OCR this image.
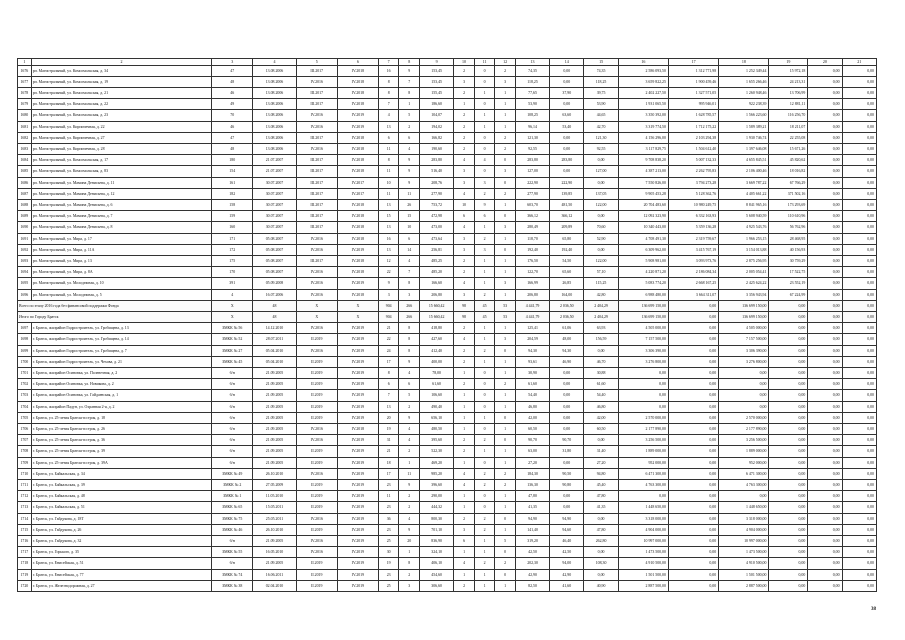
1	2	3	4	5	6	7	8	9	10	11	12	13	14	15	16	17	18	19	20	21
1676	рп. Магистральный, ул. Комсомольская, д. 34	47	13.08.2006	III.2017	IV.2018	16	9	153,45	2	0	2	74,35	0,00	74,35	2 586 093,50	1 312 771,98	1 252 349,44	15 972,18	0,00	0,00
1677	рп. Магистральный, ул. Комсомольская, д. 19	48	13.08.2006	IV.2016	IV.2018	8	7	153,45	3	0	3	118,25	0,00	118,25	3 659 822,25	1 900 459,46	1 655 266,46	24 213,31	0,00	0,00
1678	рп. Магистральный, ул. Комсомольская, д. 21	46	13.08.2006	III.2017	IV.2018	8	8	155,45	2	1	1	77,65	37,90	39,75	2 402 227,50	1 327 571,05	1 260 948,46	13 706,99	0,00	0,00
1679	рп. Магистральный, ул. Комсомольская, д. 22	49	13.08.2006	III.2017	IV.2018	7	1	186,60	1	0	1	53,90	0,00	53,90	1 931 065,50	995 946,01	922 238,39	12 881,11	0,00	0,00
1680	рп. Магистральный, ул. Комсомольская, д. 23	70	13.08.2006	IV.2016	IV.2019	4	5	104,07	2	1	1	108,25	63,60	44,65	3 350 392,00	1 628 785,57	1 566 223,60	116 256,70	0,00	0,00
1681	рп. Магистральный, ул. Кирпичечная, д. 22	46	13.08.2006	IV.2016	IV.2019	13	2	194,02	2	1	1	96,14	53,40	42,70	3 319 774,50	1 712 175,22	1 589 389,21	18 211,07	0,00	0,00
1682	рп. Магистральный, ул. Кирпичечная, д. 27	47	13.08.2006	III.2017	IV.2018	6	6	166,82	2	0	2	121,30	0,00	121,30	4 156 296,00	2 103 294,38	1 930 746,74	22 255,08	0,00	0,00
1683	рп. Магистральный, ул. Кирпичечная, д. 28	48	13.08.2006	IV.2016	IV.2018	11	4	190,60	2	0	2	92,55	0,00	92,55	3 117 829,75	1 504 612,40	1 397 646,08	15 671,26	0,00	0,00
1684	рп. Магистральный, ул. Комсомольская, д. 17	180	21.07.2007	III.2017	IV.2018	8	9	283,80	4	4	0	283,80	283,80	0,00	9 708 838,20	5 007 132,33	4 655 845,51	45 820,62	0,00	0,00
1685	рп. Магистральный, ул. Комсомольская, д. 83	154	21.07.2007	III.2017	IV.2018	11	9	516,40	3	0	3	127,00	0,00	127,00	4 387 213,00	2 262 795,83	2 106 400,46	18 016,82	0,00	0,00
1686	рп. Магистральный, ул. Мамина Денисьева, д. 11	161	30.07.2007	III.2017	IV.2017	10	9	208,76	3	3	0	222,90	222,90	0,00	7 550 826,00	3 794 273,28	3 669 787,22	67 766,29	0,00	0,00
1687	рп. Магистральный, ул. Мамина Денисьева, д. 12	182	30.07.2007	III.2017	IV.2017	11	11	277,90	4	2	2	277,90	139,85	137,05	9 905 453,28	5 128 362,76	4 405 661,22	371 502,16	0,00	0,00
1688	рп. Магистральный, ул. Мамина Денисьева, д. 6	158	30.07.2007	III.2017	IV.2018	13	26	753,72	10	9	1	603,70	481,50	122,00	20 704 483,60	10 980 249,75	8 841 965,16	173 293,69	0,00	0,00
1689	рп. Магистральный, ул. Мамина Денисьева, д. 7	159	30.07.2007	III.2017	IV.2018	15	15	472,98	6	6	0	366,12	366,12	0,00	12 092 323,90	6 332 163,93	5 608 940,59	110 610,96	0,00	0,00
1690	рп. Магистральный, ул. Мамина Денисьева, д. 8	160	30.07.2007	III.2017	IV.2018	13	10	473,00	4	1	3	280,49	209,89	70,60	10 340 443,00	5 359 136,28	4 925 543,76	56 762,96	0,00	0,00
1691	рп. Магистральный, ул. Мира, д. 17	171	05.08.2007	IV.2016	IV.2018	16	6	473,64	3	2	1	118,70	65,80	52,90	4 708 491,30	2 319 759,67	1 966 253,15	28 468,95	0,00	0,00
1692	рп. Магистральный, ул. Мира, д. 11А	172	05.08.2007	IV.2016	IV.2019	13	14	256,81	3	3	0	192,40	192,40	0,00	6 309 962,00	3 415 767,19	3 154 013,88	40 156,93	0,00	0,00
1693	рп. Магистральный, ул. Мира, д. 13	175	05.08.2007	III.2017	IV.2018	12	4	485,25	2	1	1	176,50	54,50	122,00	5 908 981,00	3 093 973,76	2 875 256,95	30 759,29	0,00	0,00
1694	рп. Магистральный, ул. Мира, д. 8А	170	05.08.2007	IV.2016	IV.2018	22	7	485,20	2	1	1	122,70	65,60	57,10	4 220 871,20	2 186 084,34	2 005 054,41	17 522,75	0,00	0,00
1695	рп. Магистральный, ул. Молодежная, д. 10	391	05.09.2008	IV.2016	IV.2019	9	8	166,60	4	1	3	166,99	26,85	115,25	5 083 774,20	2 668 167,25	2 425 624,22	23 552,19	0,00	0,00
1696	рп. Магистральный, ул. Молодежная, д. 5	4	16.07.2006	IV.2016	IV.2018	3	3	206,80	3	2	1	206,80	164,00	42,80	6 988 480,00	3 664 311,07	3 356 943,94	67 224,99	0,00	0,00
Всего по этапу 2016 года без финансовой поддержки Фонда		X	48	X	X	904	266	15 660,42	98	45	53	4 441,79	2 036,50	2 404,29	136 699 150,00	0,00	136 699 150,00	0,00	0,00	0,00
Итого по Городу Братск		X	48	X	X	904	266	15 660,42	98	45	53	4 441,79	2 036,50	2 404,29	136 699 150,00	0,00	136 699 150,00	0,00	0,00	0,00
1697	г. Братск, жилрайон Гидростроитель, ул. Гробищева, д. 13	ЗМКК № 56	14.12.2010	IV.2016	IV.2019	21	8	418,80	2	1	1	125,41	61,06	63,93	4 505 000,00	0,00	4 505 000,00	0,00	0,00	0,00
1698	г. Братск, жилрайон Гидростроитель, ул. Гробищева, д. 14	ЗМКК № 52	28.07.2011	II.2019	IV.2019	22	8	427,60	4	1	3	204,59	48,00	156,59	7 157 500,00	0,00	7 157 500,00	0,00	0,00	0,00
1699	г. Братск, жилрайон Гидростроитель, ул. Гробищева, д. 7	ЗМКК № 27	05.04.2010	IV.2016	IV.2019	24	8	412,40	2	2	0	94,30	94,30	0,00	3 306 390,00	0,00	3 306 390,00	0,00	0,00	0,00
1700	г. Братск, жилрайон Гидростроитель, ул. Чехова, д. 21	ЗМКК № 45	05.04.2010	II.2019	IV.2019	17	9	400,00	2	1	1	93,61	46,90	46,70	3 276 800,00	0,00	3 276 800,00	0,00	0,00	0,00
1701	г. Братск, жилрайон Осиновка, ул. Полевечная, д. 2	б/н	21.09.2005	II.2019	IV.2019	8	4	78,00	1	0	1	30,90	0,00	30,88	0,00	0,00	0,00	0,00	0,00	0,00
1702	г. Братск, жилрайон Осиновка, ул. Новикова, д. 2	б/н	21.09.2005	II.2019	IV.2019	6	6	61,60	2	0	2	61,60	0,00	61,60	0,00	0,00	0,00	0,00	0,00	0,00
1703	г. Братск, жилрайон Осиновка, ул. Гайдаевская, д. 1	б/н	21.09.2005	II.2019	IV.2019	7	5	106,60	1	0	1	54,40	0,00	54,40	0,00	0,00	0,00	0,00	0,00	0,00
1704	г. Братск, жилрайон Падун, ул. Охранная 2-я, д. 2	б/н	21.09.2005	II.2019	IV.2019	13	2	490,40	1	0	1	46,80	0,00	46,80	0,00	0,00	0,00	0,00	0,00	0,00
1705	г. Братск, ул. 25-летия Братскгэсстроя, д. 18	б/н	21.09.2005	II.2019	IV.2019	20	9	656,10	1	1	0	42,00	0,00	42,00	2 570 000,00	0,00	2 570 000,00	0,00	0,00	0,00
1706	г. Братск, ул. 25-летия Братскгэсстроя, д. 26	б/н	21.09.2005	IV.2016	IV.2018	19	4	480,50	1	0	1	60,50	0,00	60,50	2 177 890,00	0,00	2 177 890,00	0,00	0,00	0,00
1707	г. Братск, ул. 25-летия Братскгэсстроя, д. 36	б/н	21.09.2005	IV.2016	IV.2019	31	4	395,60	2	2	0	90,70	90,70	0,00	3 256 500,00	0,00	3 256 500,00	0,00	0,00	0,00
1708	г. Братск, ул. 25-летия Братскгэсстроя, д. 39	б/н	21.09.2005	II.2019	IV.2019	21	2	522,30	2	1	1	63,00	31,80	31,40	1 889 000,00	0,00	1 889 000,00	0,00	0,00	0,00
1709	г. Братск, ул. 25-летия Братскгэсстроя, д. 39А	б/н	21.09.2005	II.2019	IV.2019	18	1	469,20	1	0	1	27,20	0,00	27,20	952 000,00	0,00	952 000,00	0,00	0,00	0,00
1710	г. Братск, ул. Байкальская, д. 34	ЗМКК № 49	26.10.2010	IV.2016	IV.2019	17	11	985,20	4	2	2	184,30	90,50	94,80	6 471 300,00	0,00	6 471 300,00	0,00	0,00	0,00
1711	г. Братск, ул. Байкальская, д. 39	ЗМКК № 2	27.05.2009	II.2019	IV.2019	23	9	396,60	4	2	2	136,30	90,80	45,40	4 763 300,00	0,00	4 763 300,00	0,00	0,00	0,00
1712	г. Братск, ул. Байкальская, д. 48	ЗМКК № 1	11.05.2010	II.2019	IV.2019	11	2	290,00	1	0	1	47,80	0,00	47,80	0,00	0,00	0,00	0,00	0,00	0,00
1713	г. Братск, ул. Байкальская, д. 51	ЗМКК № 65	15.05.2011	II.2019	IV.2019	23	2	444,32	1	0	1	41,35	0,00	41,35	1 448 650,00	0,00	1 448 650,00	0,00	0,00	0,00
1714	г. Братск, ул. Гайдукова, д. 18Т	ЗМКК № 75	25.05.2011	IV.2016	IV.2019	36	4	800,30	2	2	0	94,90	94,90	0,00	3 318 000,00	0,00	3 318 000,00	0,00	0,00	0,00
1715	г. Братск, ул. Гайдукова, д. 26	ЗМКК № 46	26.10.2010	II.2019	IV.2019	23	9	701,10	3	2	1	141,40	94,60	47,80	4 904 000,00	0,00	4 904 000,00	0,00	0,00	0,00
1716	г. Братск, ул. Гайдукова, д. 32	б/н	21.09.2005	IV.2016	IV.2019	25	20	836,90	6	1	5	319,20	46,40	262,80	10 997 000,00	0,00	10 997 000,00	0,00	0,00	0,00
1717	г. Братск, ул. Горького, д. 35	ЗМКК № 55	16.05.2010	IV.2016	IV.2019	30	1	324,10	1	1	0	42,50	42,50	0,00	1 473 500,00	0,00	1 473 500,00	0,00	0,00	0,00
1718	г. Братск, ул. Енисейская, д. 51	б/н	21.09.2005	II.2019	IV.2019	19	8	406,10	4	2	2	202,30	94,00	108,30	4 910 500,00	0,00	4 910 500,00	0,00	0,00	0,00
1719	г. Братск, ул. Енисейская, д. 77	ЗМКК № 74	16.06.2011	II.2019	IV.2019	23	2	454,60	1	1	0	42,90	42,90	0,00	1 501 500,00	0,00	1 501 500,00	0,00	0,00	0,00
1720	г. Братск, ул. Железнодорожная, д. 27	ЗМКК № 38	02.04.2010	II.2019	IV.2019	25	3	306,60	2	1	1	82,50	41,60	40,90	2 887 500,00	0,00	2 887 500,00	0,00	0,00	0,00
38
